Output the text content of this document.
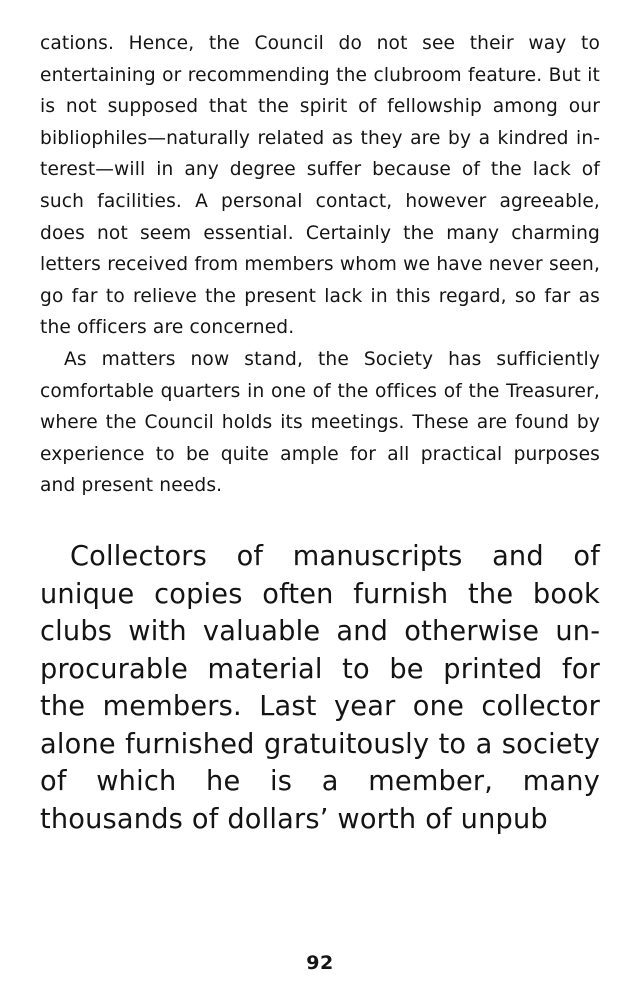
cations. Hence, the Council do not see their way to entertaining or recommending the clubroom feature. But it is not supposed that the spirit of fellowship among our bibliophiles—naturally related as they are by a kindred interest—will in any degree suffer because of the lack of such facilities. A personal contact, however agreeable, does not seem essential. Certainly the many charming letters received from members whom we have never seen, go far to relieve the present lack in this regard, so far as the officers are concerned.

As matters now stand, the Society has sufficiently comfortable quarters in one of the offices of the Treasurer, where the Council holds its meetings. These are found by experience to be quite ample for all practical purposes and present needs.

Collectors of manuscripts and of unique copies often furnish the book clubs with valuable and otherwise unprocurable material to be printed for the members. Last year one collector alone furnished gratuitously to a society of which he is a member, many thousands of dollars’ worth of unpub

92
